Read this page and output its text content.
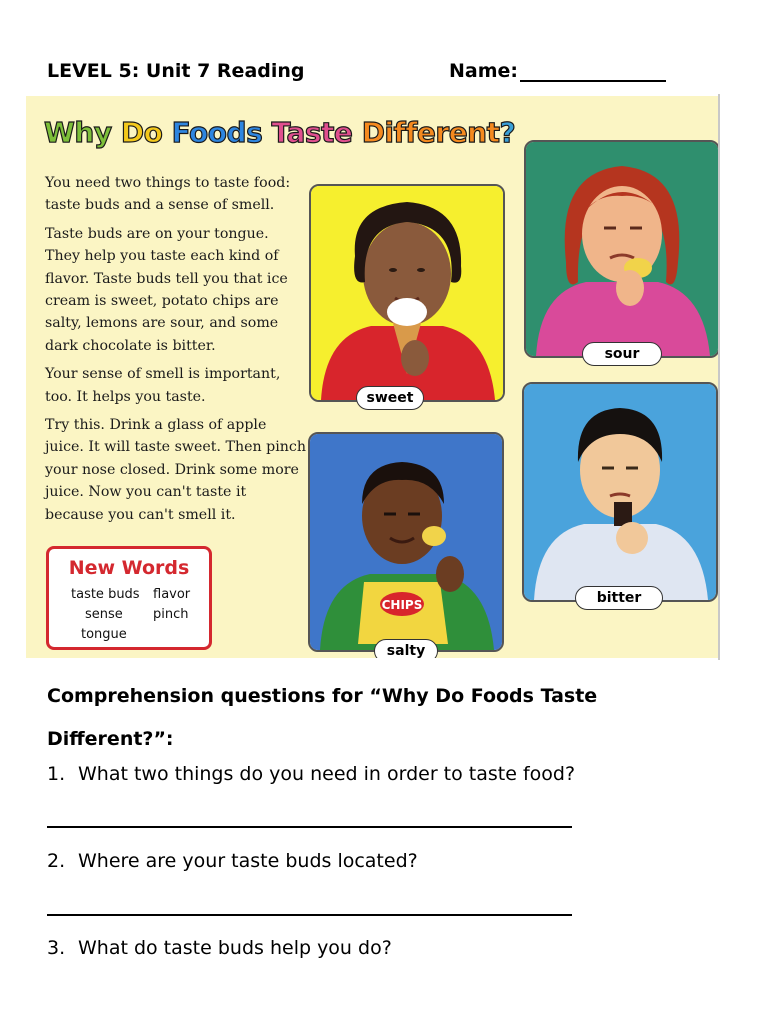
LEVEL 5: Unit 7 Reading	Name:
Why Do Foods Taste Different?

You need two things to taste food: taste buds and a sense of smell.

Taste buds are on your tongue. They help you taste each kind of flavor. Taste buds tell you that ice cream is sweet, potato chips are salty, lemons are sour, and some dark chocolate is bitter.

Your sense of smell is important, too. It helps you taste.

Try this. Drink a glass of apple juice. It will taste sweet. Then pinch your nose closed. Drink some more juice. Now you can't taste it because you can't smell it.

New Words
taste buds
sense
tongue
flavor
pinch
sweet
sour
CHIPS
salty
bitter
Comprehension questions for “Why Do Foods Taste Different?”:
1. What two things do you need in order to taste food?
2. Where are your taste buds located?
3. What do taste buds help you do?
